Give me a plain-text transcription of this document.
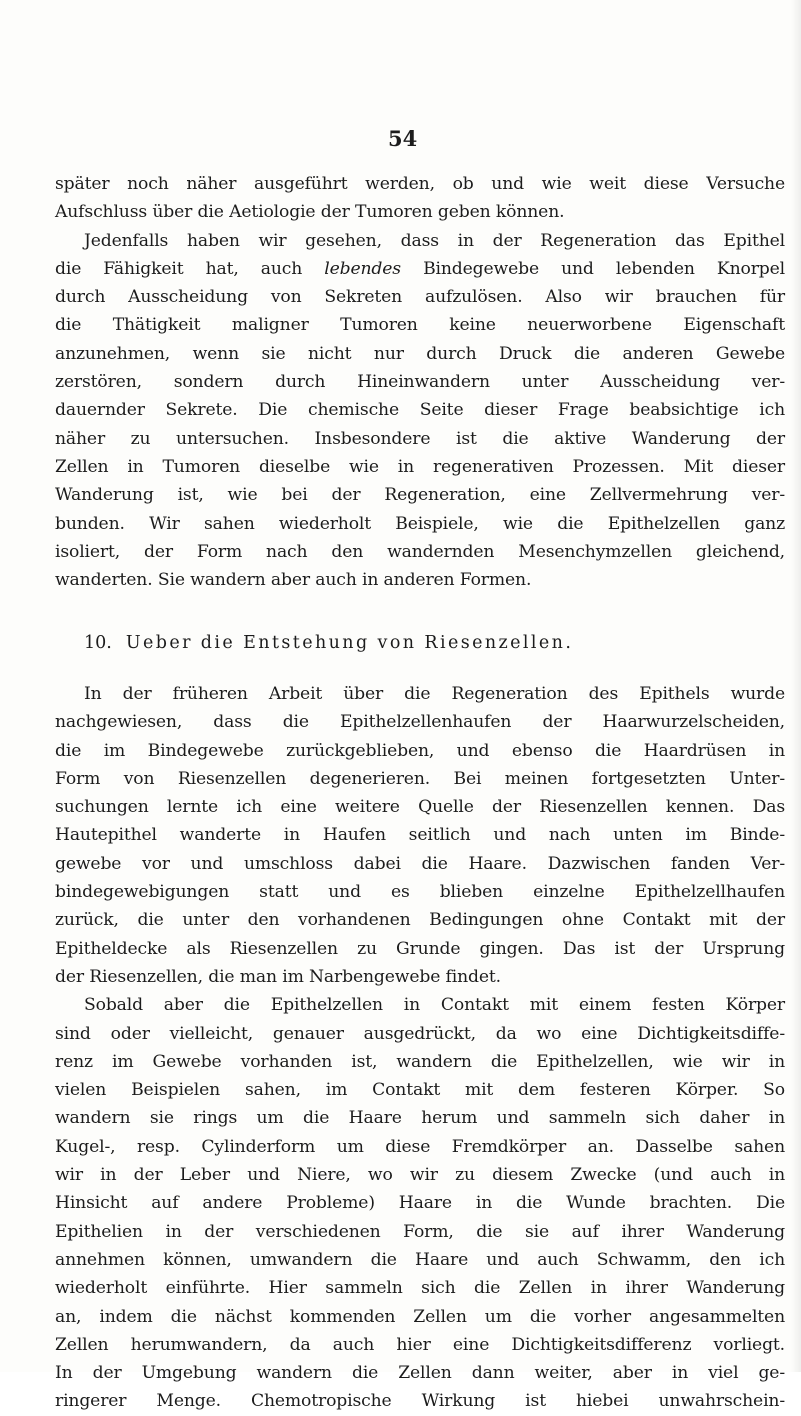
54
später noch näher ausgeführt werden, ob und wie weit diese Versuche
Aufschluss über die Aetiologie der Tumoren geben können.
Jedenfalls haben wir gesehen, dass in der Regeneration das Epithel
die Fähigkeit hat, auch lebendes Bindegewebe und lebenden Knorpel
durch Ausscheidung von Sekreten aufzulösen. Also wir brauchen für
die Thätigkeit maligner Tumoren keine neuerworbene Eigenschaft
anzunehmen, wenn sie nicht nur durch Druck die anderen Gewebe
zerstören, sondern durch Hineinwandern unter Ausscheidung ver-
dauernder Sekrete. Die chemische Seite dieser Frage beabsichtige ich
näher zu untersuchen. Insbesondere ist die aktive Wanderung der
Zellen in Tumoren dieselbe wie in regenerativen Prozessen. Mit dieser
Wanderung ist, wie bei der Regeneration, eine Zellvermehrung ver-
bunden. Wir sahen wiederholt Beispiele, wie die Epithelzellen ganz
isoliert, der Form nach den wandernden Mesenchymzellen gleichend,
wanderten. Sie wandern aber auch in anderen Formen.
10. Ueber die Entstehung von Riesenzellen.
In der früheren Arbeit über die Regeneration des Epithels wurde
nachgewiesen, dass die Epithelzellenhaufen der Haarwurzelscheiden,
die im Bindegewebe zurückgeblieben, und ebenso die Haardrüsen in
Form von Riesenzellen degenerieren. Bei meinen fortgesetzten Unter-
suchungen lernte ich eine weitere Quelle der Riesenzellen kennen. Das
Hautepithel wanderte in Haufen seitlich und nach unten im Binde-
gewebe vor und umschloss dabei die Haare. Dazwischen fanden Ver-
bindegewebigungen statt und es blieben einzelne Epithelzellhaufen
zurück, die unter den vorhandenen Bedingungen ohne Contakt mit der
Epitheldecke als Riesenzellen zu Grunde gingen. Das ist der Ursprung
der Riesenzellen, die man im Narbengewebe findet.
Sobald aber die Epithelzellen in Contakt mit einem festen Körper
sind oder vielleicht, genauer ausgedrückt, da wo eine Dichtigkeitsdiffe-
renz im Gewebe vorhanden ist, wandern die Epithelzellen, wie wir in
vielen Beispielen sahen, im Contakt mit dem festeren Körper. So
wandern sie rings um die Haare herum und sammeln sich daher in
Kugel-, resp. Cylinderform um diese Fremdkörper an. Dasselbe sahen
wir in der Leber und Niere, wo wir zu diesem Zwecke (und auch in
Hinsicht auf andere Probleme) Haare in die Wunde brachten. Die
Epithelien in der verschiedenen Form, die sie auf ihrer Wanderung
annehmen können, umwandern die Haare und auch Schwamm, den ich
wiederholt einführte. Hier sammeln sich die Zellen in ihrer Wanderung
an, indem die nächst kommenden Zellen um die vorher angesammelten
Zellen herumwandern, da auch hier eine Dichtigkeitsdifferenz vorliegt.
In der Umgebung wandern die Zellen dann weiter, aber in viel ge-
ringerer Menge. Chemotropische Wirkung ist hiebei unwahrschein-
